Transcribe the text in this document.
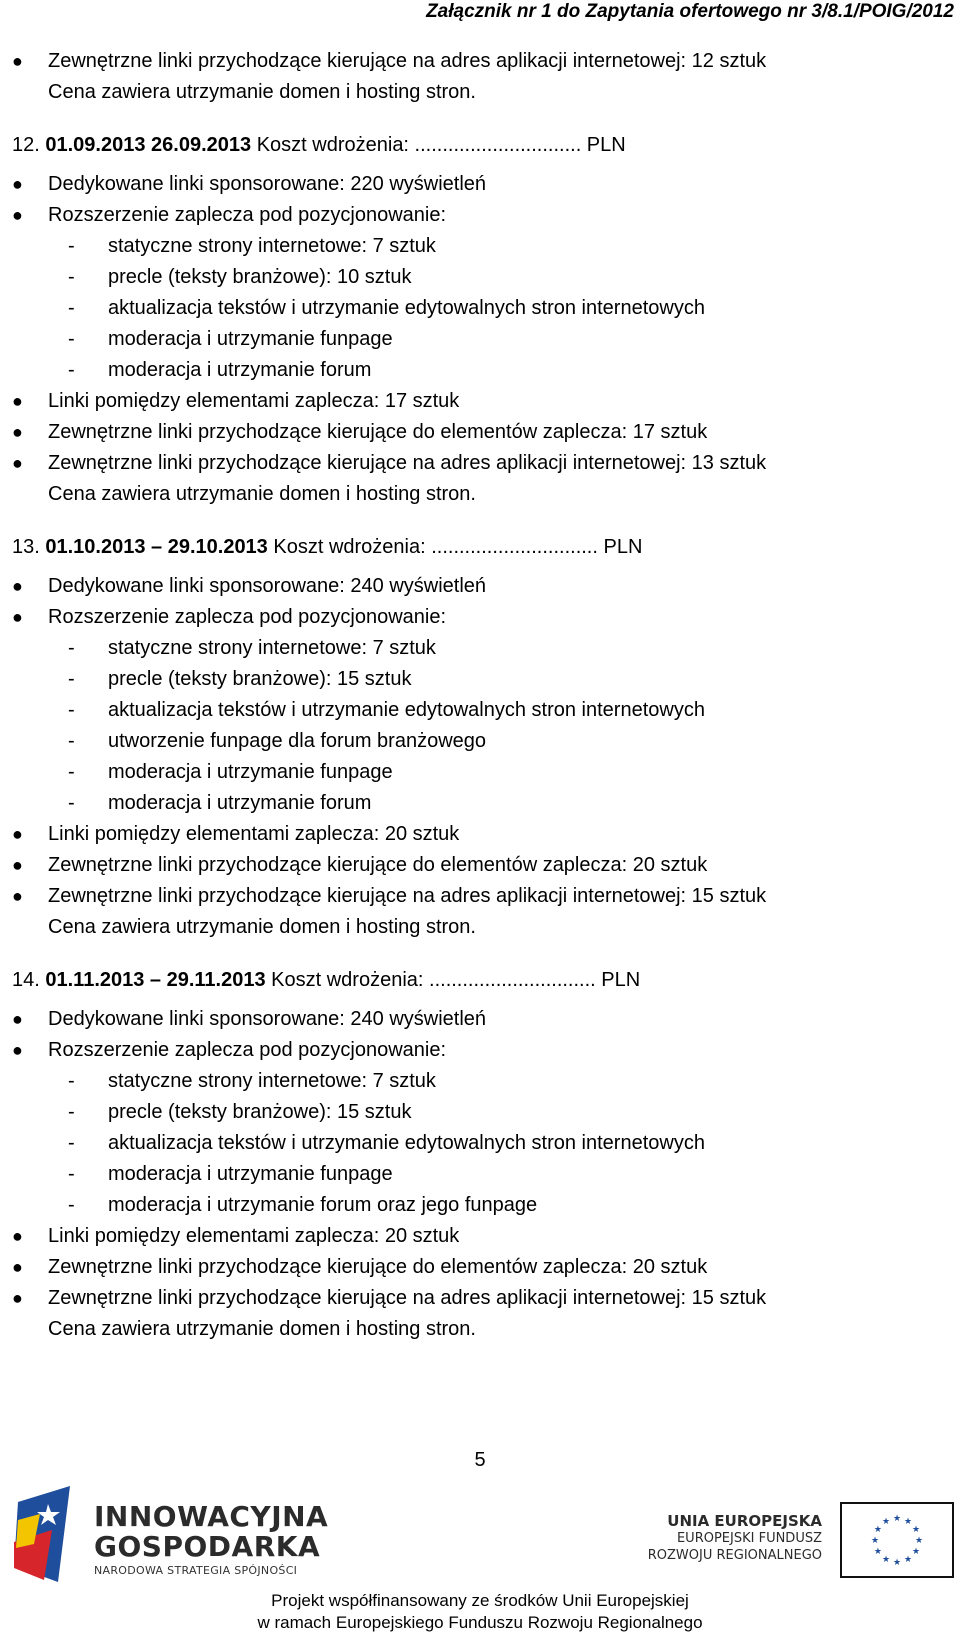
Załącznik nr 1 do Zapytania ofertowego nr 3/8.1/POIG/2012
● Zewnętrzne linki przychodzące kierujące na adres aplikacji internetowej: 12 sztuk
Cena zawiera utrzymanie domen i hosting stron.
12. 01.09.2013 26.09.2013 Koszt wdrożenia: .............................. PLN
● Dedykowane linki sponsorowane: 220 wyświetleń
● Rozszerzenie zaplecza pod pozycjonowanie:
- statyczne strony internetowe: 7 sztuk
- precle (teksty branżowe): 10 sztuk
- aktualizacja tekstów i utrzymanie edytowalnych stron internetowych
- moderacja i utrzymanie funpage
- moderacja i utrzymanie forum
● Linki pomiędzy elementami zaplecza: 17 sztuk
● Zewnętrzne linki przychodzące kierujące do elementów zaplecza: 17 sztuk
● Zewnętrzne linki przychodzące kierujące na adres aplikacji internetowej: 13 sztuk
Cena zawiera utrzymanie domen i hosting stron.
13. 01.10.2013 – 29.10.2013 Koszt wdrożenia: .............................. PLN
● Dedykowane linki sponsorowane: 240 wyświetleń
● Rozszerzenie zaplecza pod pozycjonowanie:
- statyczne strony internetowe: 7 sztuk
- precle (teksty branżowe): 15 sztuk
- aktualizacja tekstów i utrzymanie edytowalnych stron internetowych
- utworzenie funpage dla forum branżowego
- moderacja i utrzymanie funpage
- moderacja i utrzymanie forum
● Linki pomiędzy elementami zaplecza: 20 sztuk
● Zewnętrzne linki przychodzące kierujące do elementów zaplecza: 20 sztuk
● Zewnętrzne linki przychodzące kierujące na adres aplikacji internetowej: 15 sztuk
Cena zawiera utrzymanie domen i hosting stron.
14. 01.11.2013 – 29.11.2013 Koszt wdrożenia: .............................. PLN
● Dedykowane linki sponsorowane: 240 wyświetleń
● Rozszerzenie zaplecza pod pozycjonowanie:
- statyczne strony internetowe: 7 sztuk
- precle (teksty branżowe): 15 sztuk
- aktualizacja tekstów i utrzymanie edytowalnych stron internetowych
- moderacja i utrzymanie funpage
- moderacja i utrzymanie forum oraz jego funpage
● Linki pomiędzy elementami zaplecza: 20 sztuk
● Zewnętrzne linki przychodzące kierujące do elementów zaplecza: 20 sztuk
● Zewnętrzne linki przychodzące kierujące na adres aplikacji internetowej: 15 sztuk
Cena zawiera utrzymanie domen i hosting stron.
5
INNOWACYJNA
GOSPODARKA
NARODOWA STRATEGIA SPÓJNOŚCI
UNIA EUROPEJSKA
EUROPEJSKI FUNDUSZ
ROZWOJU REGIONALNEGO
★
★
★
★
★
★
★
★
★ ★ ★
★
Projekt współfinansowany ze środków Unii Europejskiej
w ramach Europejskiego Funduszu Rozwoju Regionalnego
